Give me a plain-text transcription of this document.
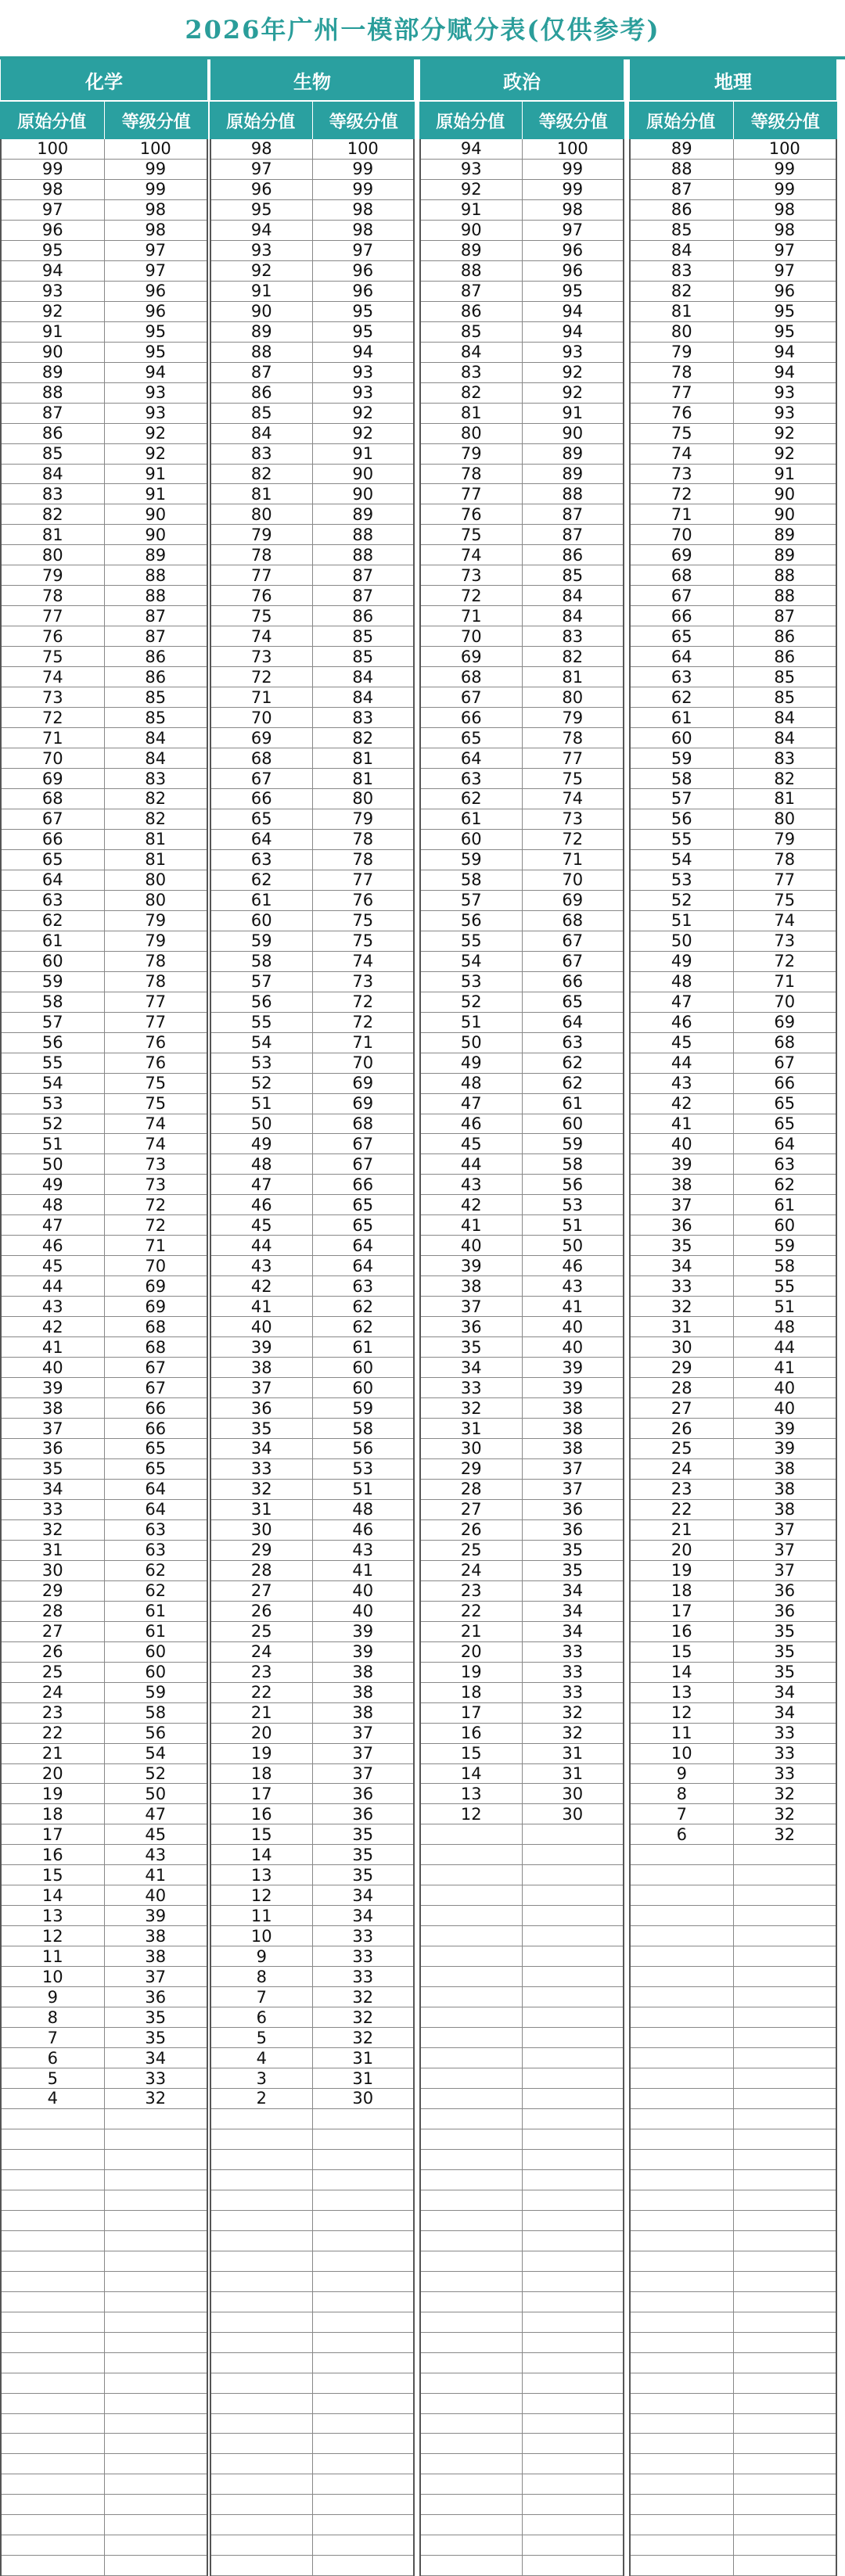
2026年广州一模部分赋分表(仅供参考)
化学
原始分值	等级分值
100	100
99	99
98	99
97	98
96	98
95	97
94	97
93	96
92	96
91	95
90	95
89	94
88	93
87	93
86	92
85	92
84	91
83	91
82	90
81	90
80	89
79	88
78	88
77	87
76	87
75	86
74	86
73	85
72	85
71	84
70	84
69	83
68	82
67	82
66	81
65	81
64	80
63	80
62	79
61	79
60	78
59	78
58	77
57	77
56	76
55	76
54	75
53	75
52	74
51	74
50	73
49	73
48	72
47	72
46	71
45	70
44	69
43	69
42	68
41	68
40	67
39	67
38	66
37	66
36	65
35	65
34	64
33	64
32	63
31	63
30	62
29	62
28	61
27	61
26	60
25	60
24	59
23	58
22	56
21	54
20	52
19	50
18	47
17	45
16	43
15	41
14	40
13	39
12	38
11	38
10	37
9	36
8	35
7	35
6	34
5	33
4	32
生物
原始分值	等级分值
98	100
97	99
96	99
95	98
94	98
93	97
92	96
91	96
90	95
89	95
88	94
87	93
86	93
85	92
84	92
83	91
82	90
81	90
80	89
79	88
78	88
77	87
76	87
75	86
74	85
73	85
72	84
71	84
70	83
69	82
68	81
67	81
66	80
65	79
64	78
63	78
62	77
61	76
60	75
59	75
58	74
57	73
56	72
55	72
54	71
53	70
52	69
51	69
50	68
49	67
48	67
47	66
46	65
45	65
44	64
43	64
42	63
41	62
40	62
39	61
38	60
37	60
36	59
35	58
34	56
33	53
32	51
31	48
30	46
29	43
28	41
27	40
26	40
25	39
24	39
23	38
22	38
21	38
20	37
19	37
18	37
17	36
16	36
15	35
14	35
13	35
12	34
11	34
10	33
9	33
8	33
7	32
6	32
5	32
4	31
3	31
2	30
政治
原始分值	等级分值
94	100
93	99
92	99
91	98
90	97
89	96
88	96
87	95
86	94
85	94
84	93
83	92
82	92
81	91
80	90
79	89
78	89
77	88
76	87
75	87
74	86
73	85
72	84
71	84
70	83
69	82
68	81
67	80
66	79
65	78
64	77
63	75
62	74
61	73
60	72
59	71
58	70
57	69
56	68
55	67
54	67
53	66
52	65
51	64
50	63
49	62
48	62
47	61
46	60
45	59
44	58
43	56
42	53
41	51
40	50
39	46
38	43
37	41
36	40
35	40
34	39
33	39
32	38
31	38
30	38
29	37
28	37
27	36
26	36
25	35
24	35
23	34
22	34
21	34
20	33
19	33
18	33
17	32
16	32
15	31
14	31
13	30
12	30
地理
原始分值	等级分值
89	100
88	99
87	99
86	98
85	98
84	97
83	97
82	96
81	95
80	95
79	94
78	94
77	93
76	93
75	92
74	92
73	91
72	90
71	90
70	89
69	89
68	88
67	88
66	87
65	86
64	86
63	85
62	85
61	84
60	84
59	83
58	82
57	81
56	80
55	79
54	78
53	77
52	75
51	74
50	73
49	72
48	71
47	70
46	69
45	68
44	67
43	66
42	65
41	65
40	64
39	63
38	62
37	61
36	60
35	59
34	58
33	55
32	51
31	48
30	44
29	41
28	40
27	40
26	39
25	39
24	38
23	38
22	38
21	37
20	37
19	37
18	36
17	36
16	35
15	35
14	35
13	34
12	34
11	33
10	33
9	33
8	32
7	32
6	32
